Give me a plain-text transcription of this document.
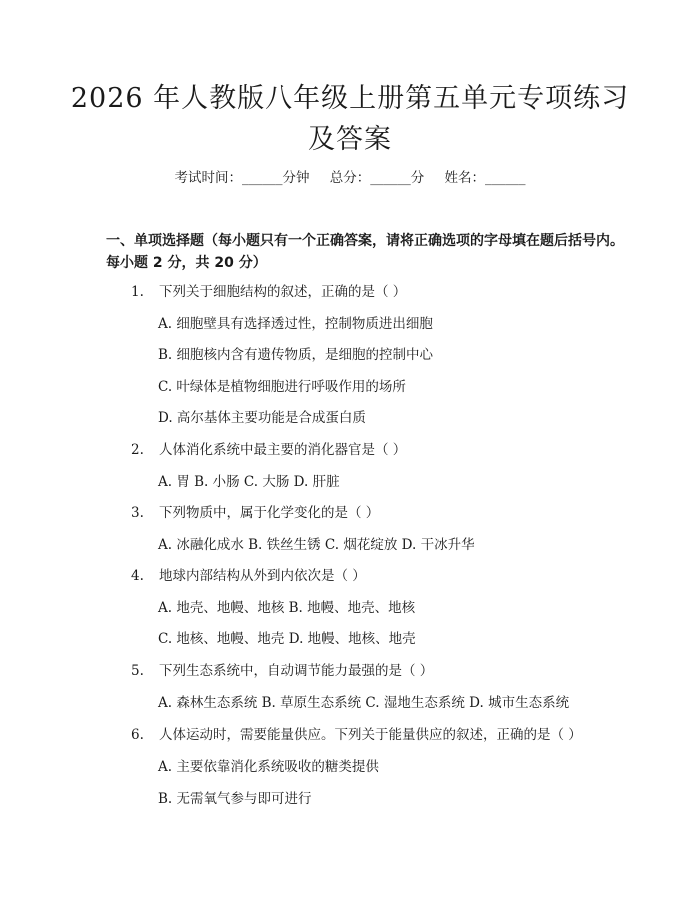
2026 年人教版八年级上册第五单元专项练习
及答案
考试时间：______分钟 总分：______分 姓名：______
一、单项选择题（每小题只有一个正确答案，请将正确选项的字母填在题后括号内。每小题 2 分，共 20 分）
1. 下列关于细胞结构的叙述，正确的是（ ）
A. 细胞壁具有选择透过性，控制物质进出细胞
B. 细胞核内含有遗传物质，是细胞的控制中心
C. 叶绿体是植物细胞进行呼吸作用的场所
D. 高尔基体主要功能是合成蛋白质
2. 人体消化系统中最主要的消化器官是（ ）
A. 胃 B. 小肠 C. 大肠 D. 肝脏
3. 下列物质中，属于化学变化的是（ ）
A. 冰融化成水 B. 铁丝生锈 C. 烟花绽放 D. 干冰升华
4. 地球内部结构从外到内依次是（ ）
A. 地壳、地幔、地核 B. 地幔、地壳、地核
C. 地核、地幔、地壳 D. 地幔、地核、地壳
5. 下列生态系统中，自动调节能力最强的是（ ）
A. 森林生态系统 B. 草原生态系统 C. 湿地生态系统 D. 城市生态系统
6. 人体运动时，需要能量供应。下列关于能量供应的叙述，正确的是（ ）
A. 主要依靠消化系统吸收的糖类提供
B. 无需氧气参与即可进行
